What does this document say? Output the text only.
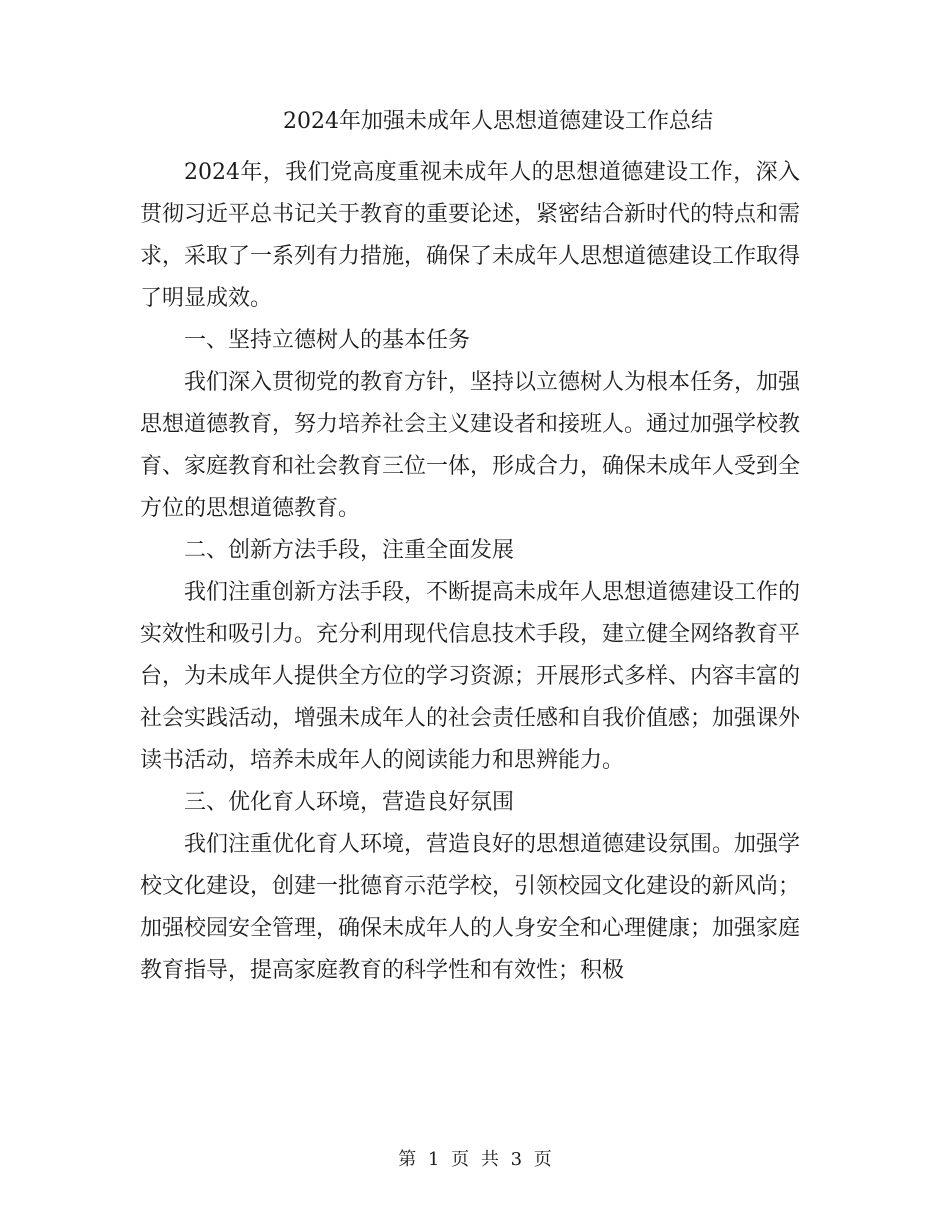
2024年加强未成年人思想道德建设工作总结

2024年，我们党高度重视未成年人的思想道德建设工作，深入贯彻习近平总书记关于教育的重要论述，紧密结合新时代的特点和需求，采取了一系列有力措施，确保了未成年人思想道德建设工作取得了明显成效。

一、坚持立德树人的基本任务

我们深入贯彻党的教育方针，坚持以立德树人为根本任务，加强思想道德教育，努力培养社会主义建设者和接班人。通过加强学校教育、家庭教育和社会教育三位一体，形成合力，确保未成年人受到全方位的思想道德教育。

二、创新方法手段，注重全面发展

我们注重创新方法手段，不断提高未成年人思想道德建设工作的实效性和吸引力。充分利用现代信息技术手段，建立健全网络教育平台，为未成年人提供全方位的学习资源；开展形式多样、内容丰富的社会实践活动，增强未成年人的社会责任感和自我价值感；加强课外读书活动，培养未成年人的阅读能力和思辨能力。

三、优化育人环境，营造良好氛围

我们注重优化育人环境，营造良好的思想道德建设氛围。加强学校文化建设，创建一批德育示范学校，引领校园文化建设的新风尚；加强校园安全管理，确保未成年人的人身安全和心理健康；加强家庭教育指导，提高家庭教育的科学性和有效性；积极

第 1 页 共 3 页
